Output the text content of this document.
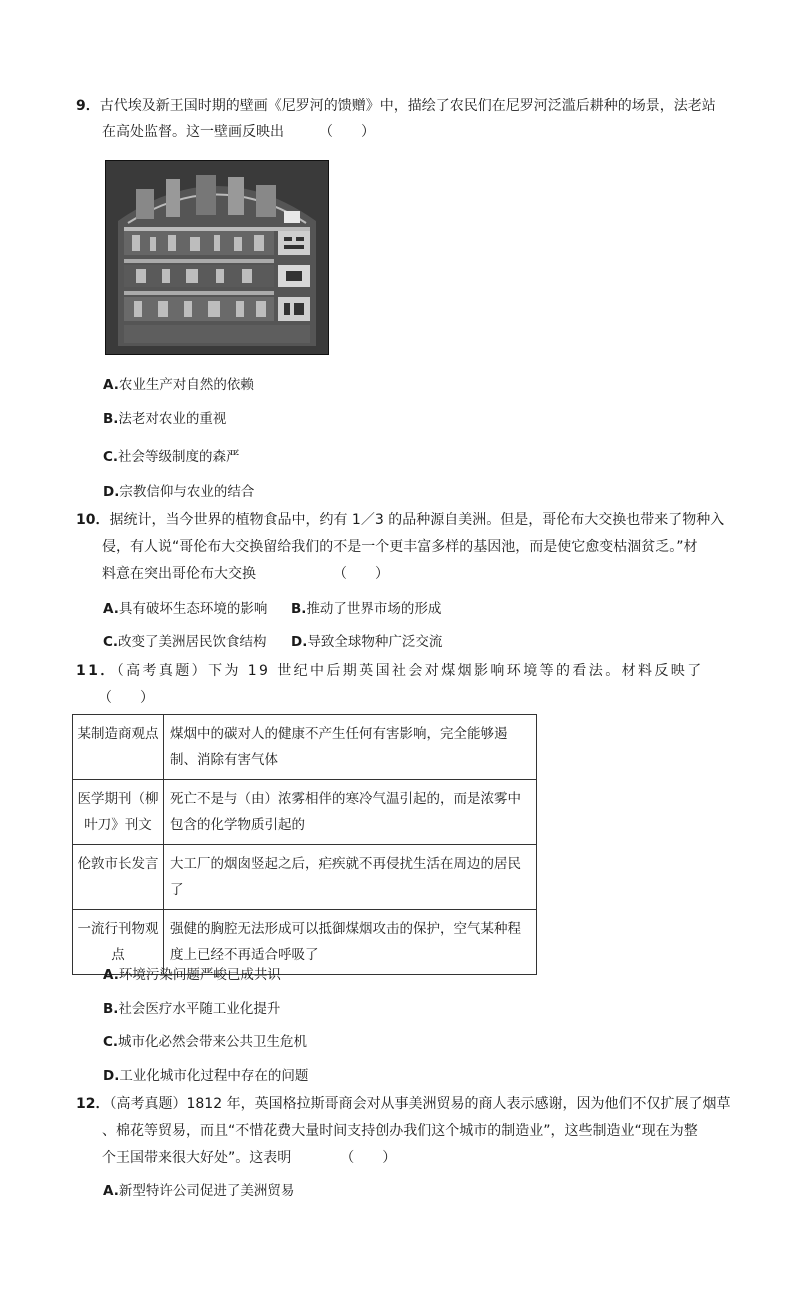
9．古代埃及新王国时期的壁画《尼罗河的馈赠》中，描绘了农民们在尼罗河泛滥后耕种的场景，法老站
在高处监督。这一壁画反映出　　　（　　）
A.农业生产对自然的依赖
B.法老对农业的重视
C.社会等级制度的森严
D.宗教信仰与农业的结合
10．据统计，当今世界的植物食品中，约有 1／3 的品种源自美洲。但是，哥伦布大交换也带来了物种入
侵，有人说“哥伦布大交换留给我们的不是一个更丰富多样的基因池，而是使它愈变枯涸贫乏。”材
料意在突出哥伦布大交换　　　　　　（　　）
A.具有破坏生态环境的影响 B.推动了世界市场的形成
C.改变了美洲居民饮食结构 D.导致全球物种广泛交流
11．（高考真题）下为 19 世纪中后期英国社会对煤烟影响环境等的看法。材料反映了
（　　）
某制造商观点	煤烟中的碳对人的健康不产生任何有害影响，完全能够遏制、消除有害气体
医学期刊（柳叶刀》刊文	死亡不是与（由）浓雾相伴的寒冷气温引起的，而是浓雾中包含的化学物质引起的
伦敦市长发言	大工厂的烟囱竖起之后，疟疾就不再侵扰生活在周边的居民了
一流行刊物观点	强健的胸腔无法形成可以抵御煤烟攻击的保护，空气某种程度上已经不再适合呼吸了
A.环境污染问题严峻已成共识
B.社会医疗水平随工业化提升
C.城市化必然会带来公共卫生危机
D.工业化城市化过程中存在的问题
12．（高考真题）1812 年，英国格拉斯哥商会对从事美洲贸易的商人表示感谢，因为他们不仅扩展了烟草
、棉花等贸易，而且“不惜花费大量时间支持创办我们这个城市的制造业”，这些制造业“现在为整
个王国带来很大好处”。这表明　　　　（　　）
A.新型特许公司促进了美洲贸易
